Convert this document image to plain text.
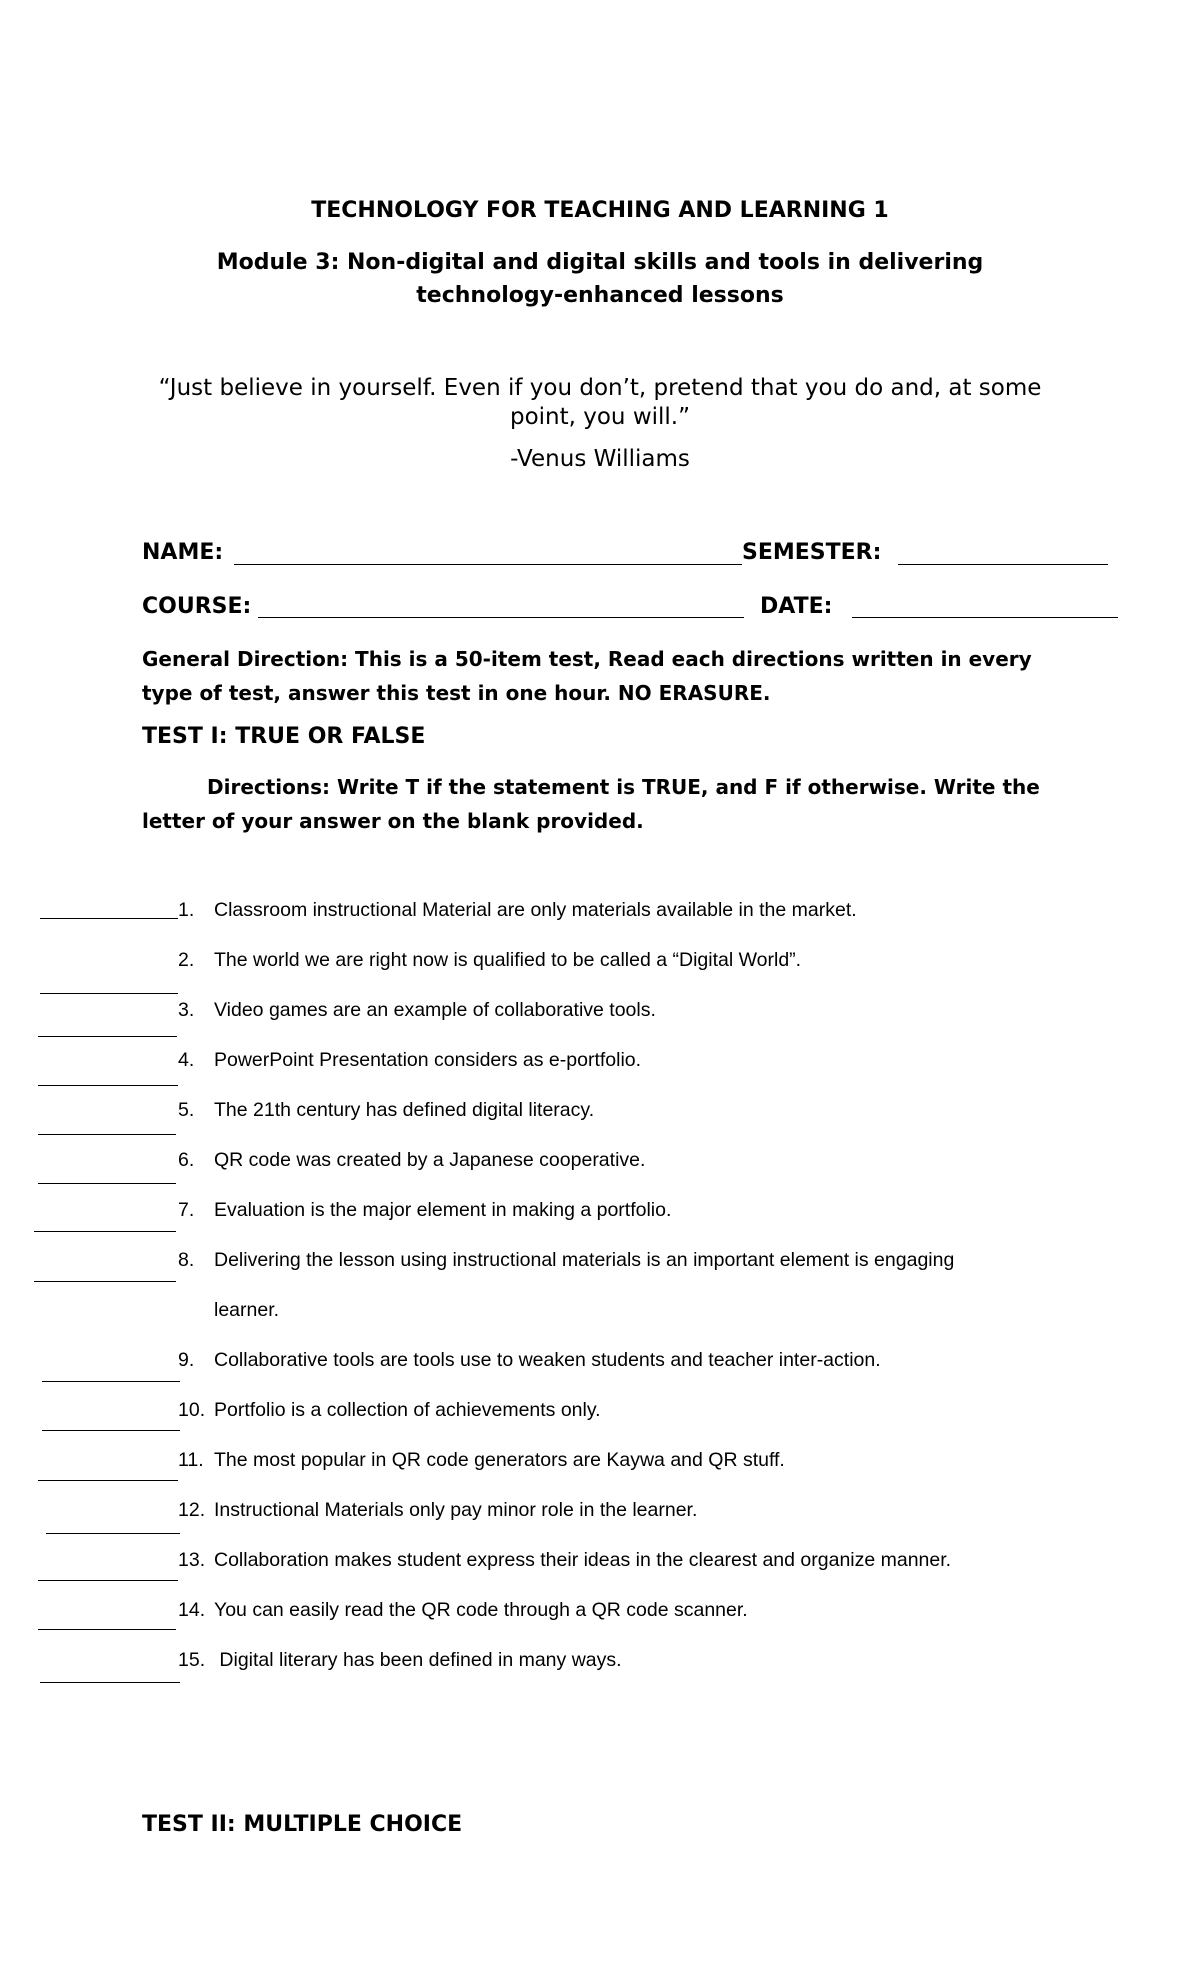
TECHNOLOGY FOR TEACHING AND LEARNING 1
Module 3: Non-digital and digital skills and tools in delivering
technology-enhanced lessons
“Just believe in yourself. Even if you don’t, pretend that you do and, at some point, you will.”
-Venus Williams
NAME:	SEMESTER:
COURSE:	DATE:
General Direction: This is a 50-item test, Read each directions written in every type of test, answer this test in one hour. NO ERASURE.
TEST I: TRUE OR FALSE
Directions: Write T if the statement is TRUE, and F if otherwise. Write the letter of your answer on the blank provided.
1. Classroom instructional Material are only materials available in the market.
2. The world we are right now is qualified to be called a “Digital World”.
3. Video games are an example of collaborative tools.
4. PowerPoint Presentation considers as e-portfolio.
5. The 21th century has defined digital literacy.
6. QR code was created by a Japanese cooperative.
7. Evaluation is the major element in making a portfolio.
8. Delivering the lesson using instructional materials is an important element is engaging
learner.
9. Collaborative tools are tools use to weaken students and teacher inter-action.
10. Portfolio is a collection of achievements only.
11. The most popular in QR code generators are Kaywa and QR stuff.
12. Instructional Materials only pay minor role in the learner.
13. Collaboration makes student express their ideas in the clearest and organize manner.
14. You can easily read the QR code through a QR code scanner.
15. Digital literary has been defined in many ways.
TEST II: MULTIPLE CHOICE
